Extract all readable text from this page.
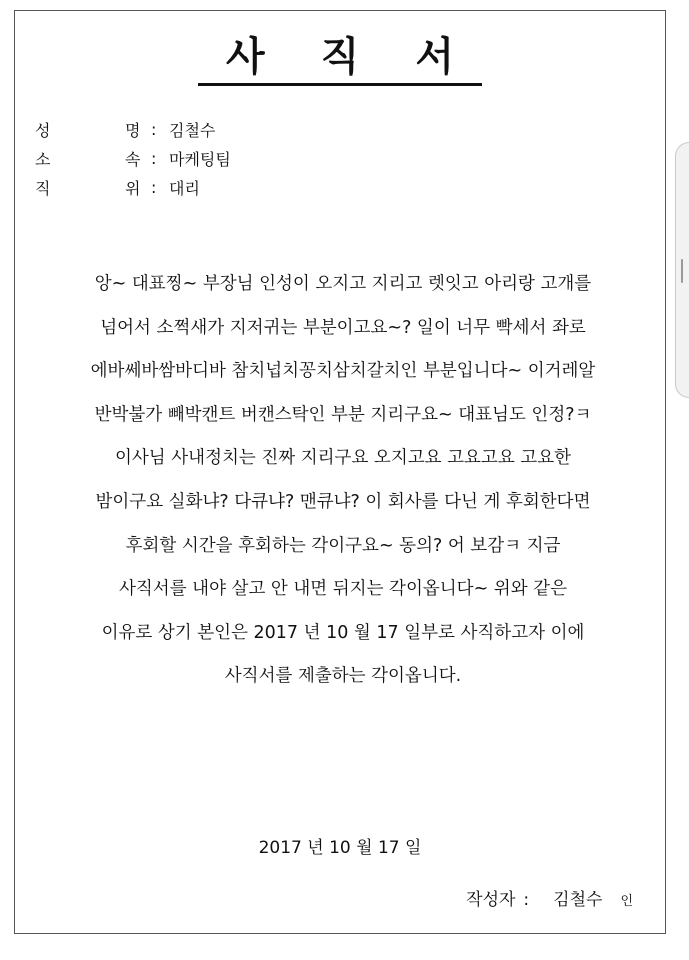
사 직 서
성	명 : 김철수
소	속 : 마케팅팀
직	위 : 대리
앙~ 대표찡~ 부장님 인성이 오지고 지리고 렛잇고 아리랑 고개를
넘어서 소쩍새가 지저귀는 부분이고요~? 일이 너무 빡세서 좌로
에바쎄바쌈바디바 참치넙치꽁치삼치갈치인 부분입니다~ 이거레알
반박불가 빼박캔트 버캔스탁인 부분 지리구요~ 대표님도 인정?ㅋ
이사님 사내정치는 진짜 지리구요 오지고요 고요고요 고요한
밤이구요 실화냐? 다큐냐? 맨큐냐? 이 회사를 다닌 게 후회한다면
후회할 시간을 후회하는 각이구요~ 동의? 어 보감ㅋ 지금
사직서를 내야 살고 안 내면 뒤지는 각이옵니다~ 위와 같은
이유로 상기 본인은 2017 년 10 월 17 일부로 사직하고자 이에
사직서를 제출하는 각이옵니다.
2017 년 10 월 17 일
작성자 : 김철수 인
